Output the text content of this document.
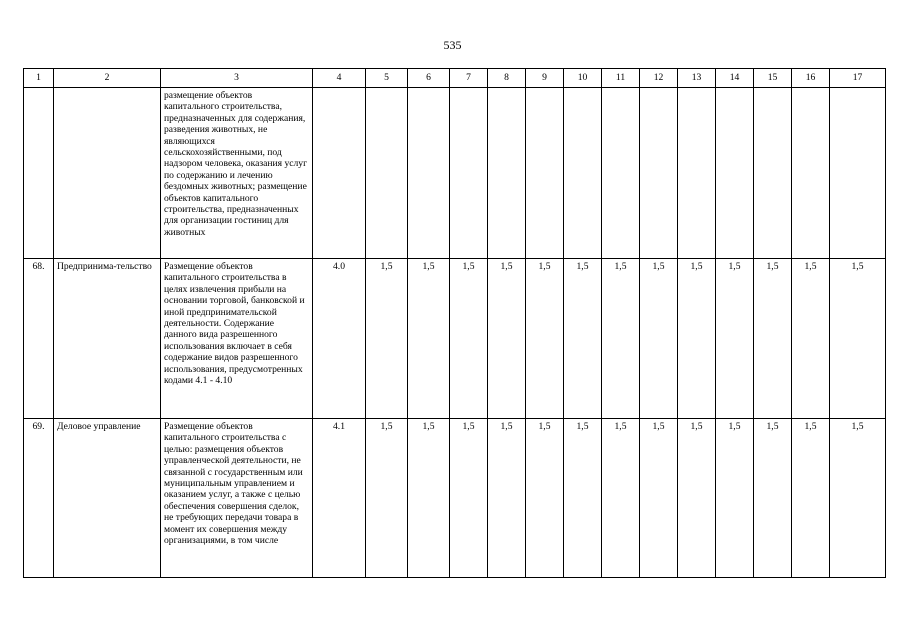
535
1	2	3	4	5	6	7	8	9	10	11	12	13	14	15	16	17
		размещение объектов капитального строительства, предназначенных для содержания, разведения животных, не являющихся сельскохозяйственными, под надзором человека, оказания услуг по содержанию и лечению бездомных животных; размещение объектов капитального строительства, предназначенных для организации гостиниц для животных														
68.	Предпринима-тельство	Размещение объектов капитального строительства в целях извлечения прибыли на основании торговой, банковской и иной предпринимательской деятельности. Содержание данного вида разрешенного использования включает в себя содержание видов разрешенного использования, предусмотренных кодами 4.1 - 4.10	4.0	1,5	1,5	1,5	1,5	1,5	1,5	1,5	1,5	1,5	1,5	1,5	1,5	1,5
69.	Деловое управление	Размещение объектов капитального строительства с целью: размещения объектов управленческой деятельности, не связанной с государственным или муниципальным управлением и оказанием услуг, а также с целью обеспечения совершения сделок, не требующих передачи товара в момент их совершения между организациями, в том числе	4.1	1,5	1,5	1,5	1,5	1,5	1,5	1,5	1,5	1,5	1,5	1,5	1,5	1,5
